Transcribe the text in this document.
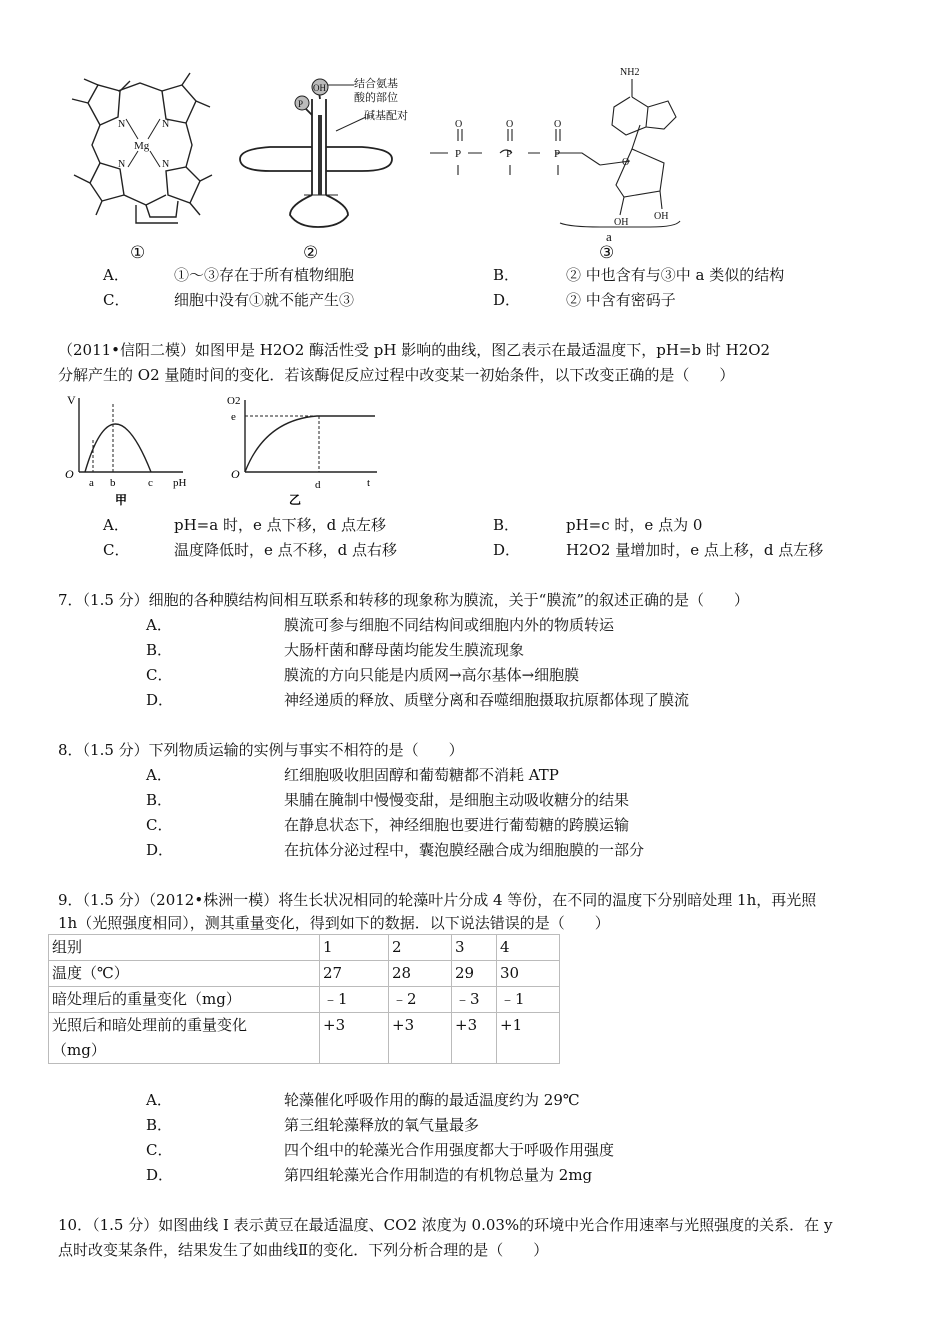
Mg
N	N
N	N
OH
P
结合氨基
酸的部位
碱基配对
NH2
P	P	P
O	O	O
O
OH
OH
a
①	②	③
A．	①～③存在于所有植物细胞	B．	② 中也含有与③中 a 类似的结构
C．	细胞中没有①就不能产生③	D．	② 中含有密码子
（2011•信阳二模）如图甲是 H2O2 酶活性受 pH 影响的曲线，图乙表示在最适温度下，pH=b 时 H2O2
分解产生的 O2 量随时间的变化．若该酶促反应过程中改变某一初始条件，以下改变正确的是（　　）
V
O
a b	c pH
甲
O2
e
O
d	t
乙
A．	pH=a 时，e 点下移，d 点左移	B．	pH=c 时，e 点为 0
C．	温度降低时，e 点不移，d 点右移	D．	H2O2 量增加时，e 点上移，d 点左移
7．（1.5 分）细胞的各种膜结构间相互联系和转移的现象称为膜流，关于“膜流”的叙述正确的是（　　）
A．	膜流可参与细胞不同结构间或细胞内外的物质转运
B．	大肠杆菌和酵母菌均能发生膜流现象
C．	膜流的方向只能是内质网→高尔基体→细胞膜
D．	神经递质的释放、质壁分离和吞噬细胞摄取抗原都体现了膜流
8．（1.5 分）下列物质运输的实例与事实不相符的是（　　）
A．	红细胞吸收胆固醇和葡萄糖都不消耗 ATP
B．	果脯在腌制中慢慢变甜，是细胞主动吸收糖分的结果
C．	在静息状态下，神经细胞也要进行葡萄糖的跨膜运输
D．	在抗体分泌过程中，囊泡膜经融合成为细胞膜的一部分
9．（1.5 分）（2012•株洲一模）将生长状况相同的轮藻叶片分成 4 等份，在不同的温度下分别暗处理 1h，再光照
1h（光照强度相同），测其重量变化，得到如下的数据．以下说法错误的是（　　）
组别	1	2	3	4
温度（℃）	27	28	29	30
暗处理后的重量变化（mg）	﹣1	﹣2	﹣3	﹣1

光照后和暗处理前的重量变化
（mg）	+3	+3	+3	+1
A．	轮藻催化呼吸作用的酶的最适温度约为 29℃
B．	第三组轮藻释放的氧气量最多
C．	四个组中的轮藻光合作用强度都大于呼吸作用强度
D．	第四组轮藻光合作用制造的有机物总量为 2mg
10．（1.5 分）如图曲线 I 表示黄豆在最适温度、CO2 浓度为 0.03%的环境中光合作用速率与光照强度的关系．在 y
点时改变某条件，结果发生了如曲线Ⅱ的变化．下列分析合理的是（　　）
